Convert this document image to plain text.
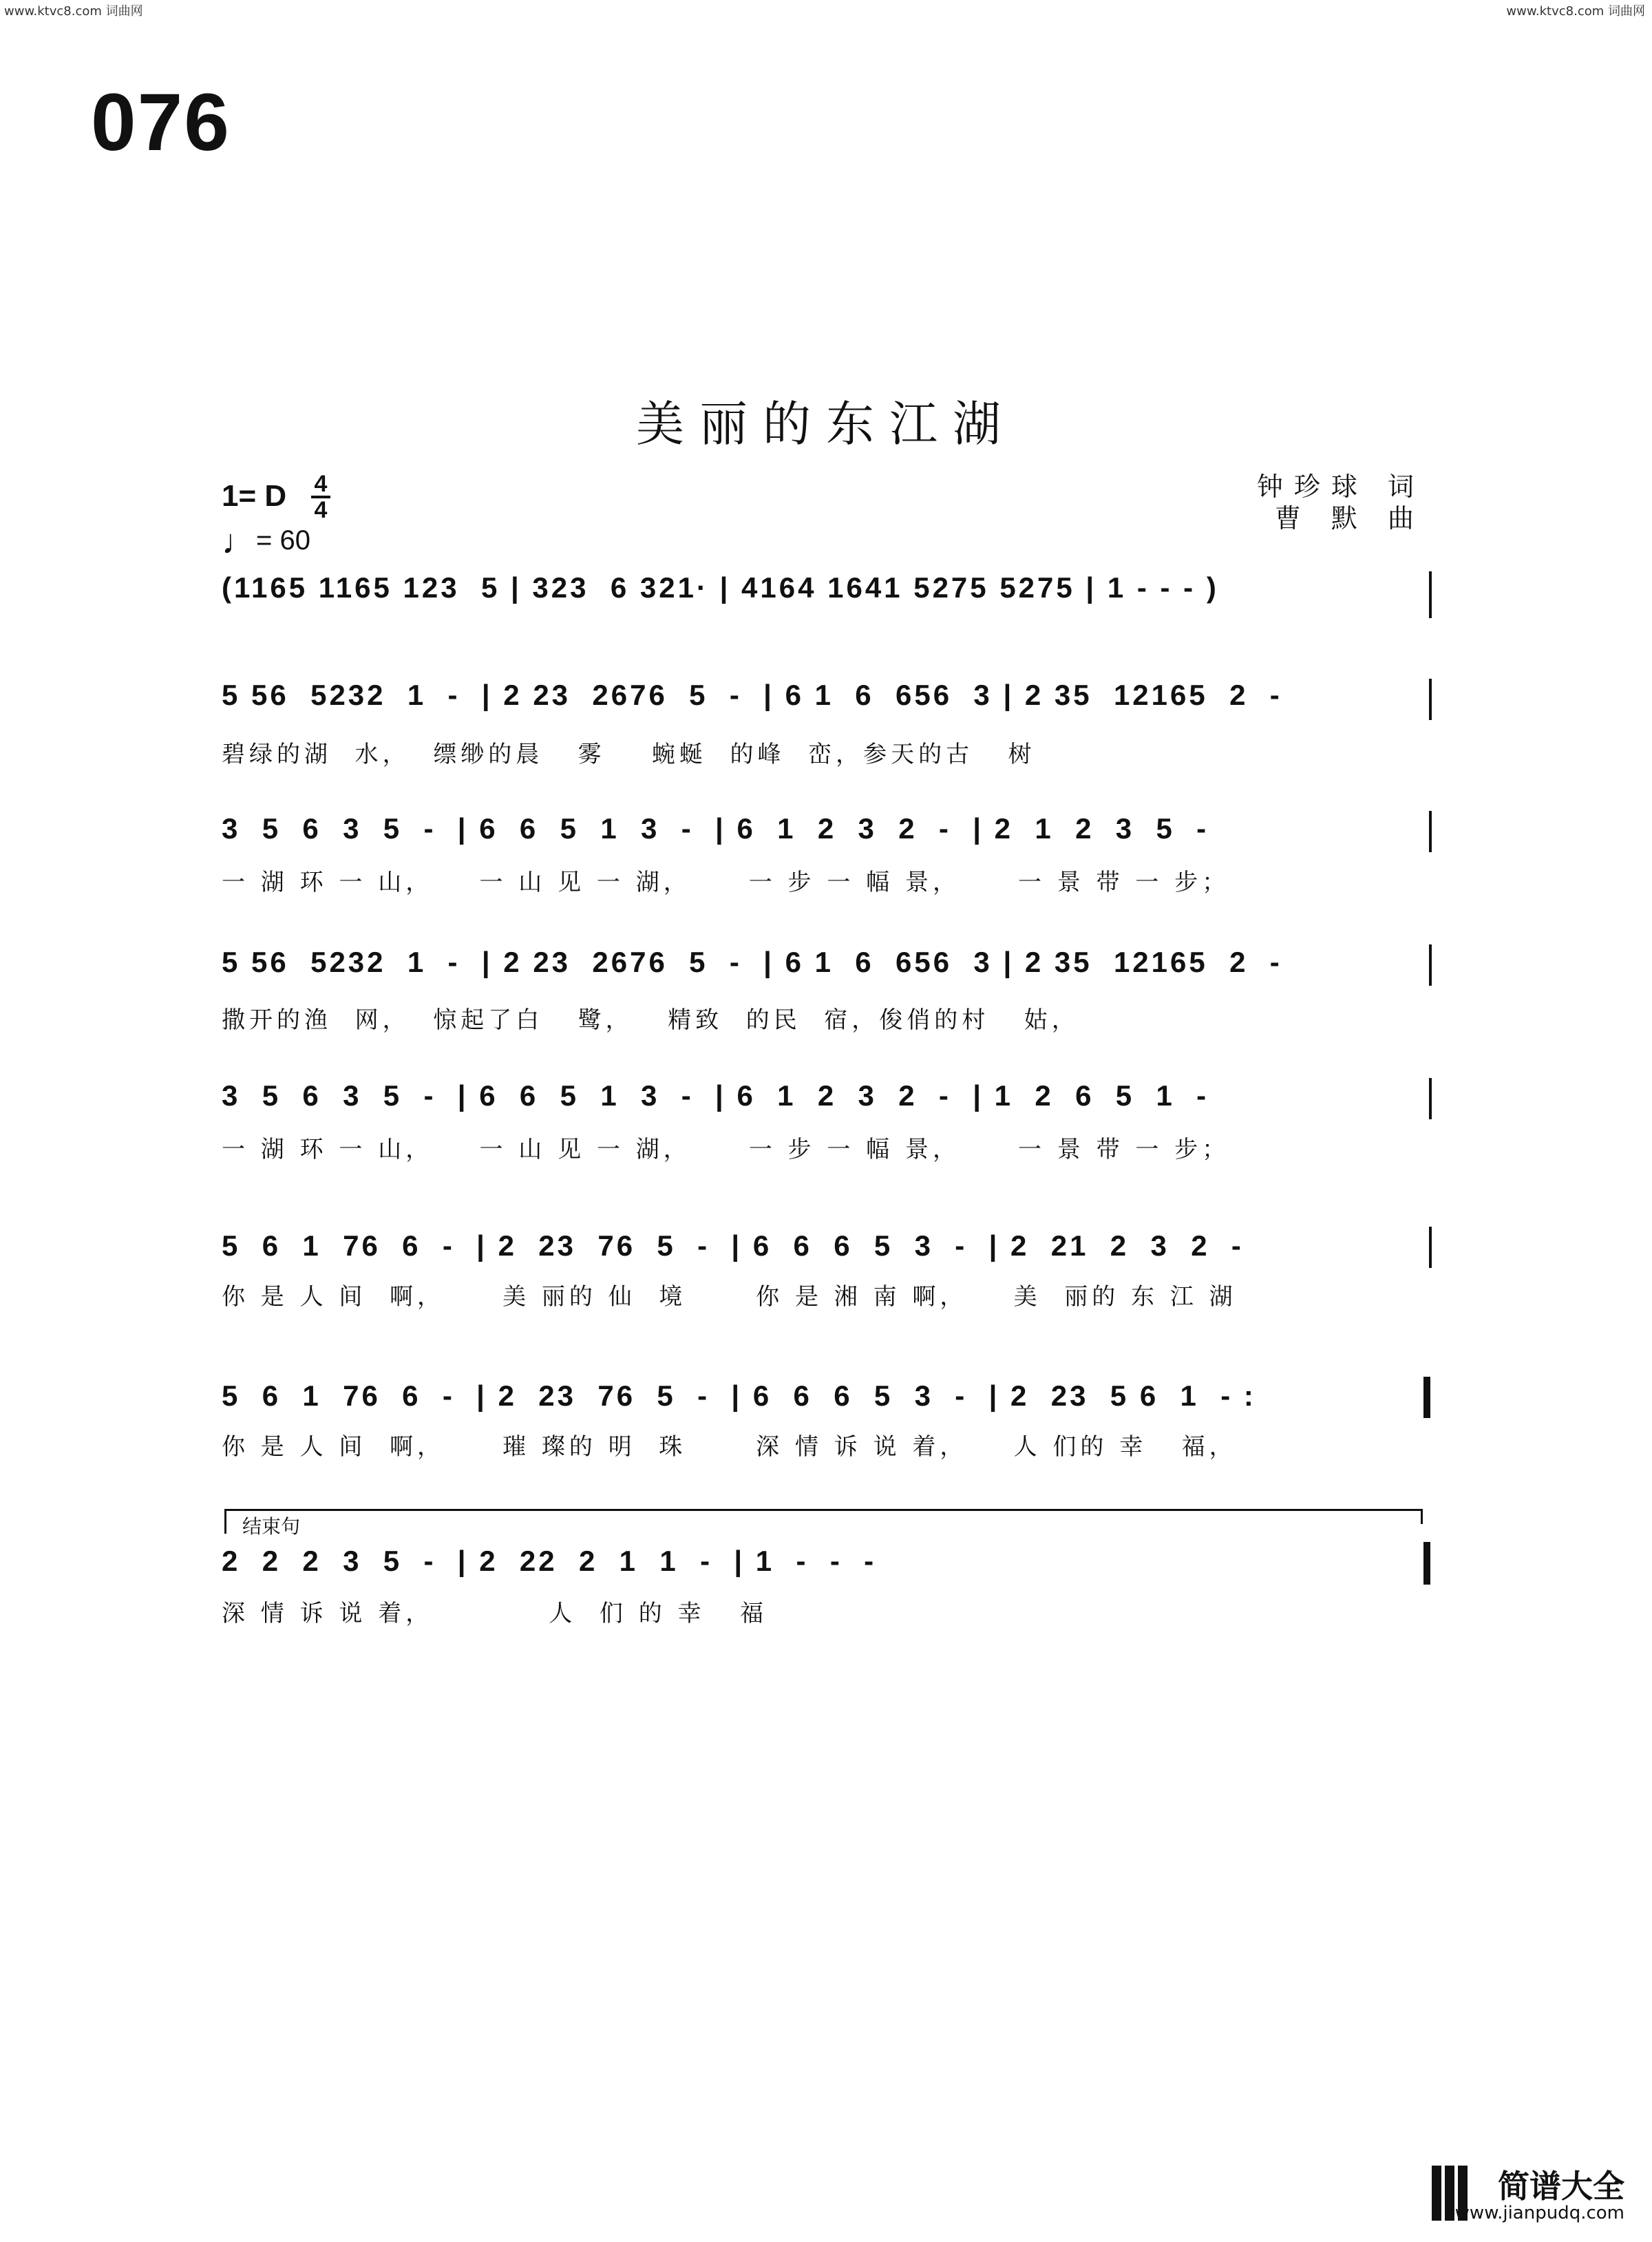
www.ktvc8.com 词曲网	www.ktvc8.com 词曲网
076
美丽的东江湖
钟珍球 词
曹 默 曲
1= D 4
4
♩= 60
(1165 1165 123  5 | 323  6 321· | 4164 1641 5275 5275 | 1 - - - )
5 56  5232  1  -  | 2 23  2676  5  -  | 6 1  6  656  3 | 2 35  12165  2  -
碧绿的湖  水，  缥缈的晨   雾    蜿蜒  的峰  峦，参天的古   树
3  5  6  3  5  -  | 6  6  5  1  3  -  | 6  1  2  3  2  -  | 2  1  2  3  5  -
一 湖 环 一 山，    一 山 见 一 湖，     一 步 一 幅 景，     一 景 带 一 步；
5 56  5232  1  -  | 2 23  2676  5  -  | 6 1  6  656  3 | 2 35  12165  2  -
撒开的渔  网，  惊起了白   鹭，   精致  的民  宿，俊俏的村   姑，
3  5  6  3  5  -  | 6  6  5  1  3  -  | 6  1  2  3  2  -  | 1  2  6  5  1  -
一 湖 环 一 山，    一 山 见 一 湖，     一 步 一 幅 景，     一 景 带 一 步；
5  6  1  76  6  -  | 2  23  76  5  -  | 6  6  6  5  3  -  | 2  21  2  3  2  -
你 是 人 间  啊，     美 丽的 仙  境      你 是 湘 南 啊，    美  丽的 东 江 湖
5  6  1  76  6  -  | 2  23  76  5  -  | 6  6  6  5  3  -  | 2  23  5 6  1  - :
你 是 人 间  啊，     璀 璨的 明  珠      深 情 诉 说 着，    人 们的 幸   福，
结束句
2  2  2  3  5  -  | 2  22  2  1  1  -  | 1  -  -  -
深 情 诉 说 着，          人  们 的 幸   福
简谱大全
www.jianpudq.com
